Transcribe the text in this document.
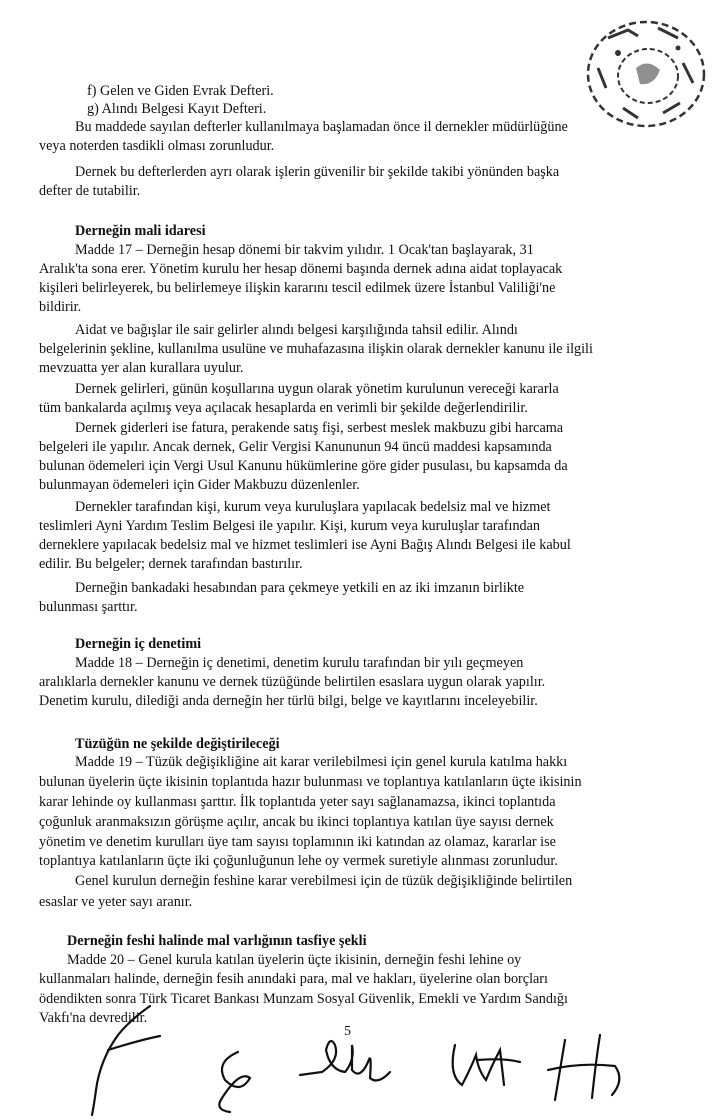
f) Gelen ve Giden Evrak Defteri.
g) Alındı Belgesi Kayıt Defteri.
Bu maddede sayılan defterler kullanılmaya başlamadan önce il dernekler müdürlüğüne
veya noterden tasdikli olması zorunludur.
Dernek bu defterlerden ayrı olarak işlerin güvenilir bir şekilde takibi yönünden başka
defter de tutabilir.
Derneğin mali idaresi
Madde 17 – Derneğin hesap dönemi bir takvim yılıdır. 1 Ocak'tan başlayarak, 31
Aralık'ta sona erer. Yönetim kurulu her hesap dönemi başında dernek adına aidat toplayacak
kişileri belirleyerek, bu belirlemeye ilişkin kararını tescil edilmek üzere İstanbul Valiliği'ne
bildirir.
Aidat ve bağışlar ile sair gelirler alındı belgesi karşılığında tahsil edilir. Alındı
belgelerinin şekline, kullanılma usulüne ve muhafazasına ilişkin olarak dernekler kanunu ile ilgili
mevzuatta yer alan kurallara uyulur.
Dernek gelirleri, günün koşullarına uygun olarak yönetim kurulunun vereceği kararla
tüm bankalarda açılmış veya açılacak hesaplarda en verimli bir şekilde değerlendirilir.
Dernek giderleri ise fatura, perakende satış fişi, serbest meslek makbuzu gibi harcama
belgeleri ile yapılır. Ancak dernek, Gelir Vergisi Kanununun 94 üncü maddesi kapsamında
bulunan ödemeleri için Vergi Usul Kanunu hükümlerine göre gider pusulası, bu kapsamda da
bulunmayan ödemeleri için Gider Makbuzu düzenlenler.
Dernekler tarafından kişi, kurum veya kuruluşlara yapılacak bedelsiz mal ve hizmet
teslimleri Ayni Yardım Teslim Belgesi ile yapılır. Kişi, kurum veya kuruluşlar tarafından
derneklere yapılacak bedelsiz mal ve hizmet teslimleri ise Ayni Bağış Alındı Belgesi ile kabul
edilir. Bu belgeler; dernek tarafından bastırılır.
Derneğin bankadaki hesabından para çekmeye yetkili en az iki imzanın birlikte
bulunması şarttır.
Derneğin iç denetimi
Madde 18 – Derneğin iç denetimi, denetim kurulu tarafından bir yılı geçmeyen
aralıklarla dernekler kanunu ve dernek tüzüğünde belirtilen esaslara uygun olarak yapılır.
Denetim kurulu, dilediği anda derneğin her türlü bilgi, belge ve kayıtlarını inceleyebilir.
Tüzüğün ne şekilde değiştirileceği
Madde 19 – Tüzük değişikliğine ait karar verilebilmesi için genel kurula katılma hakkı
bulunan üyelerin üçte ikisinin toplantıda hazır bulunması ve toplantıya katılanların üçte ikisinin
karar lehinde oy kullanması şarttır. İlk toplantıda yeter sayı sağlanamazsa, ikinci toplantıda
çoğunluk aranmaksızın görüşme açılır, ancak bu ikinci toplantıya katılan üye sayısı dernek
yönetim ve denetim kurulları üye tam sayısı toplamının iki katından az olamaz, kararlar ise
toplantıya katılanların üçte iki çoğunluğunun lehe oy vermek suretiyle alınması zorunludur.
Genel kurulun derneğin feshine karar verebilmesi için de tüzük değişikliğinde belirtilen
esaslar ve yeter sayı aranır.
Derneğin feshi halinde mal varlığının tasfiye şekli
Madde 20 – Genel kurula katılan üyelerin üçte ikisinin, derneğin feshi lehine oy
kullanmaları halinde, derneğin fesih anındaki para, mal ve hakları, üyelerine olan borçları
ödendikten sonra Türk Ticaret Bankası Munzam Sosyal Güvenlik, Emekli ve Yardım Sandığı
Vakfı'na devredilir.
5
